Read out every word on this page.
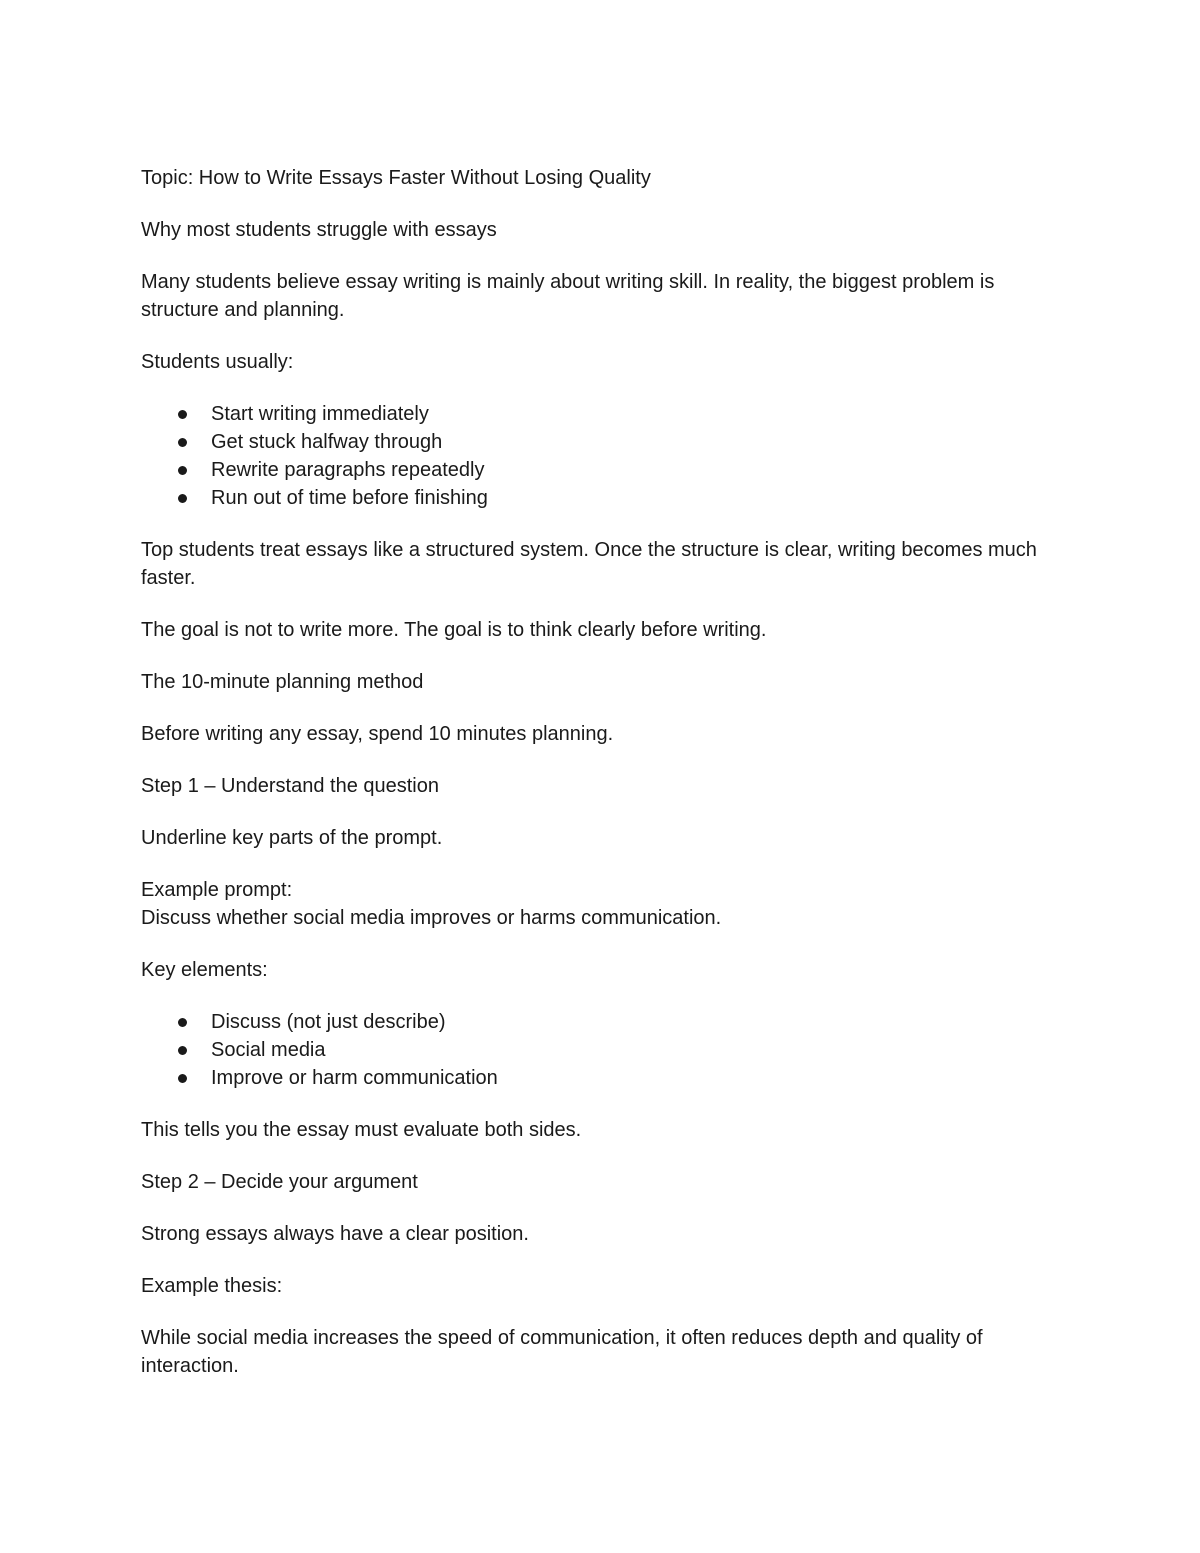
Topic: How to Write Essays Faster Without Losing Quality

Why most students struggle with essays

Many students believe essay writing is mainly about writing skill. In reality, the biggest problem is structure and planning.

Students usually:

Start writing immediately
Get stuck halfway through
Rewrite paragraphs repeatedly
Run out of time before finishing

Top students treat essays like a structured system. Once the structure is clear, writing becomes much faster.

The goal is not to write more. The goal is to think clearly before writing.

The 10-minute planning method

Before writing any essay, spend 10 minutes planning.

Step 1 – Understand the question

Underline key parts of the prompt.

Example prompt:

Discuss whether social media improves or harms communication.

Key elements:

Discuss (not just describe)
Social media
Improve or harm communication

This tells you the essay must evaluate both sides.

Step 2 – Decide your argument

Strong essays always have a clear position.

Example thesis:

While social media increases the speed of communication, it often reduces depth and quality of interaction.
